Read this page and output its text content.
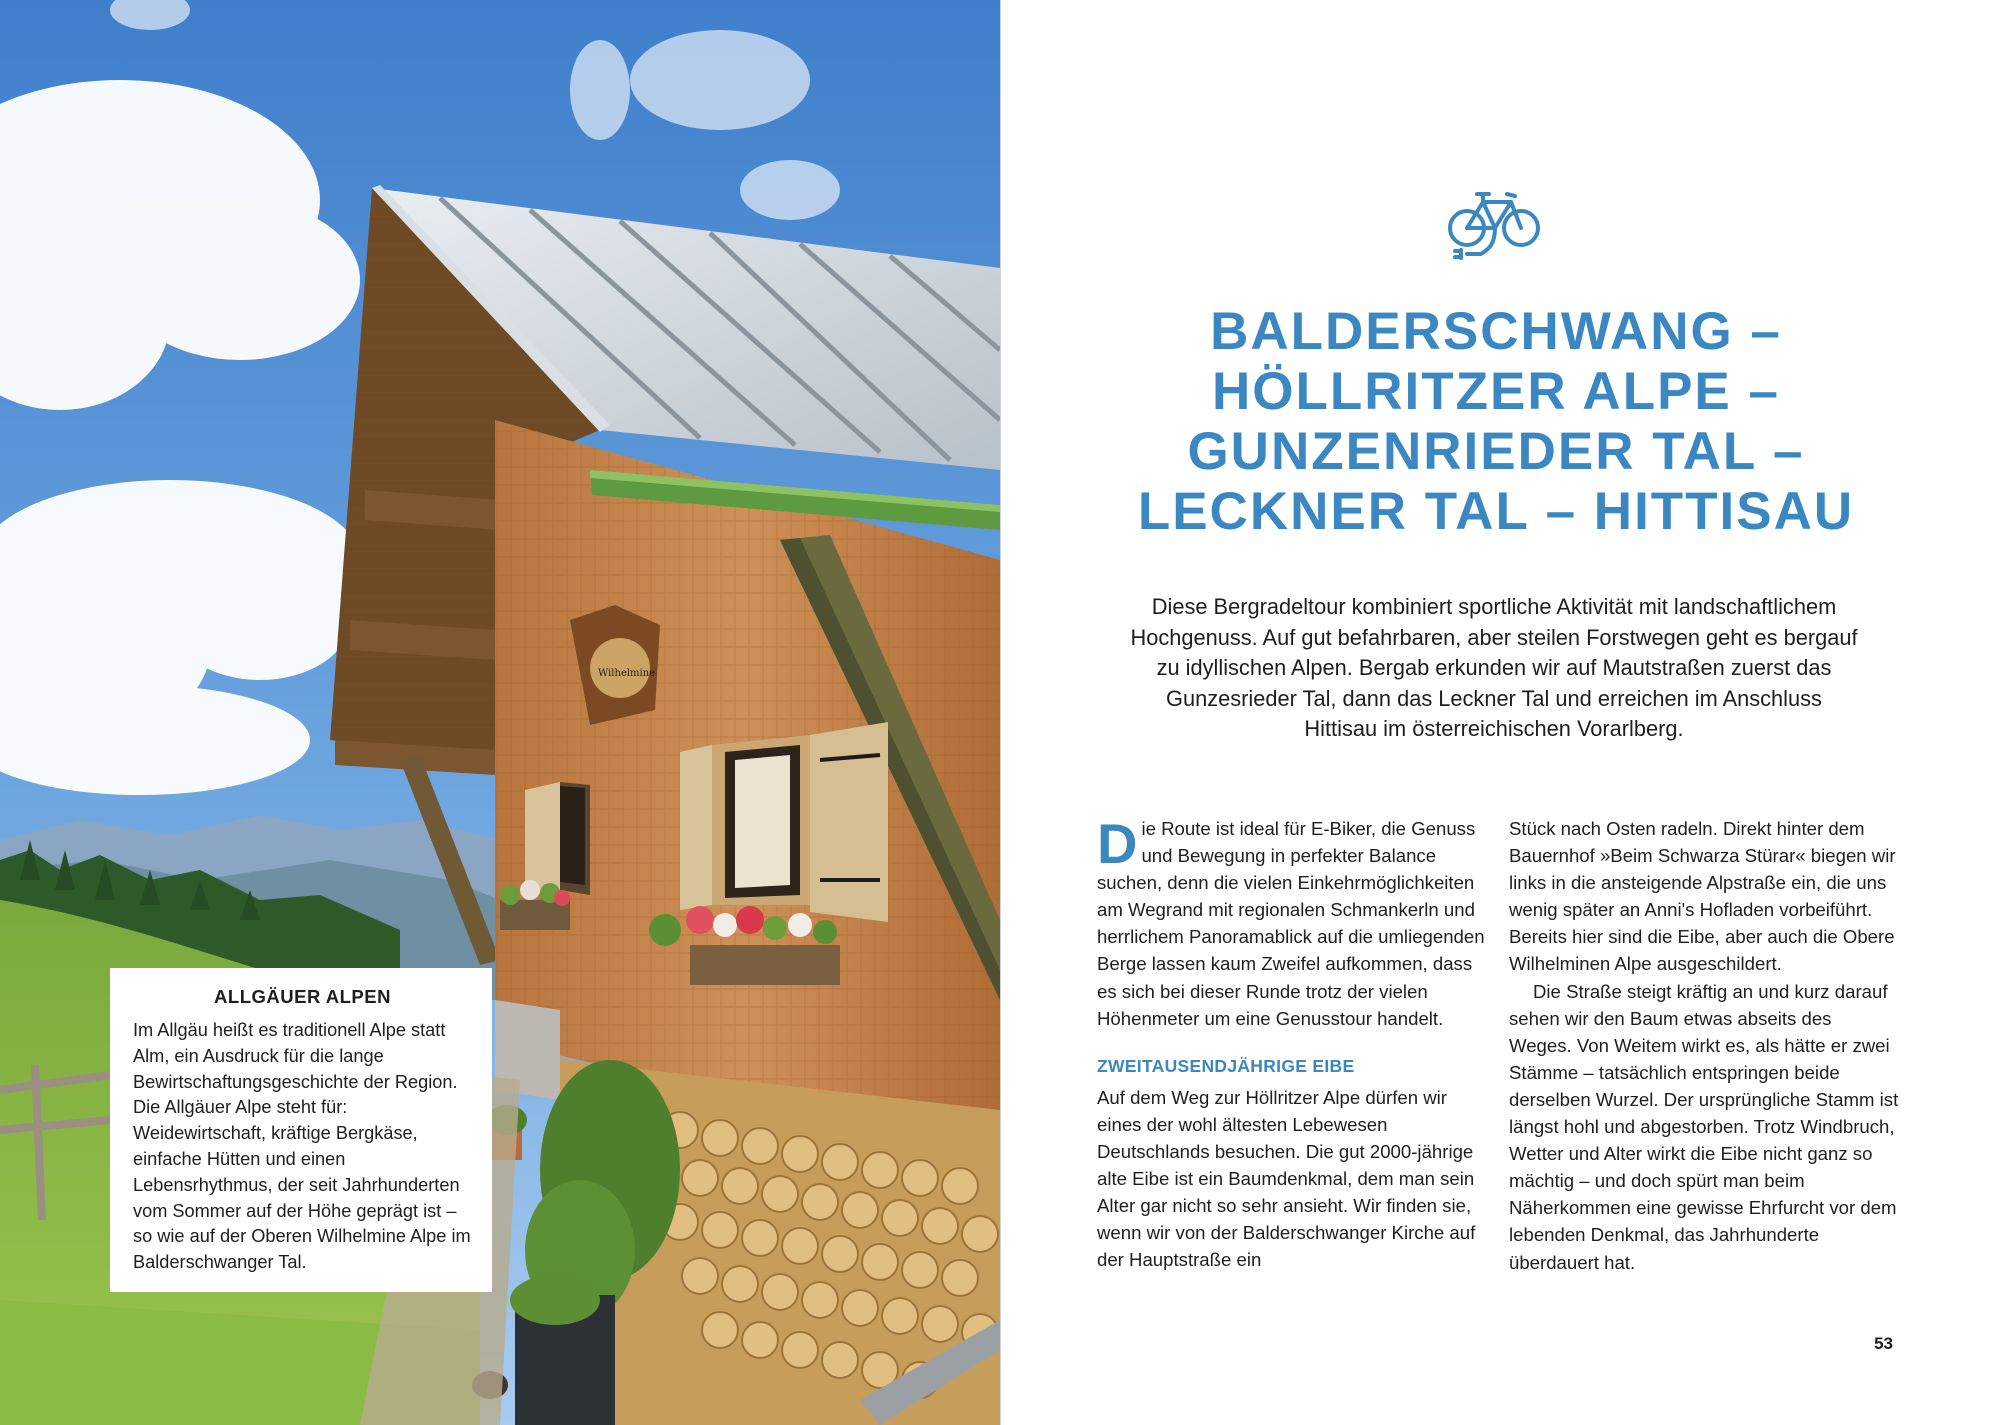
Wilhelmine
ALLGÄUER ALPEN

Im Allgäu heißt es traditionell Alpe statt Alm, ein Ausdruck für die lange Bewirtschaftungsgeschichte der Region. Die Allgäuer Alpe steht für: Weidewirtschaft, kräftige Bergkäse, einfache Hütten und einen Lebensrhythmus, der seit Jahrhunderten vom Sommer auf der Höhe geprägt ist – so wie auf der Oberen Wilhelmine Alpe im Balderschwanger Tal.

BALDERSCHWANG –
HÖLLRITZER ALPE –
GUNZENRIEDER TAL –
LECKNER TAL – HITTISAU

Diese Bergradeltour kombiniert sportliche Aktivität mit landschaftlichem Hochgenuss. Auf gut befahrbaren, aber steilen Forstwegen geht es bergauf zu idyllischen Alpen. Bergab erkunden wir auf Mautstraßen zuerst das Gunzesrieder Tal, dann das Leckner Tal und erreichen im Anschluss Hittisau im österreichischen Vorarlberg.

Die Route ist ideal für E-Biker, die Genuss und Bewegung in perfekter Balance suchen, denn die vielen Einkehrmöglichkeiten am Wegrand mit regionalen Schmankerln und herrlichem Panoramablick auf die umliegenden Berge lassen kaum Zweifel aufkommen, dass es sich bei dieser Runde trotz der vielen Höhenmeter um eine Genusstour handelt.

ZWEITAUSENDJÄHRIGE EIBE

Auf dem Weg zur Höllritzer Alpe dürfen wir eines der wohl ältesten Lebewesen Deutschlands besuchen. Die gut 2000-jährige alte Eibe ist ein Baumdenkmal, dem man sein Alter gar nicht so sehr ansieht. Wir finden sie, wenn wir von der Balderschwanger Kirche auf der Hauptstraße ein

Stück nach Osten radeln. Direkt hinter dem Bauernhof »Beim Schwarza Stürar« biegen wir links in die ansteigende Alpstraße ein, die uns wenig später an Anni's Hofladen vorbeiführt. Bereits hier sind die Eibe, aber auch die Obere Wilhelminen Alpe ausgeschildert.

Die Straße steigt kräftig an und kurz darauf sehen wir den Baum etwas abseits des Weges. Von Weitem wirkt es, als hätte er zwei Stämme – tatsächlich entspringen beide derselben Wurzel. Der ursprüngliche Stamm ist längst hohl und abgestorben. Trotz Windbruch, Wetter und Alter wirkt die Eibe nicht ganz so mächtig – und doch spürt man beim Näherkommen eine gewisse Ehrfurcht vor dem lebenden Denkmal, das Jahrhunderte überdauert hat.

53
